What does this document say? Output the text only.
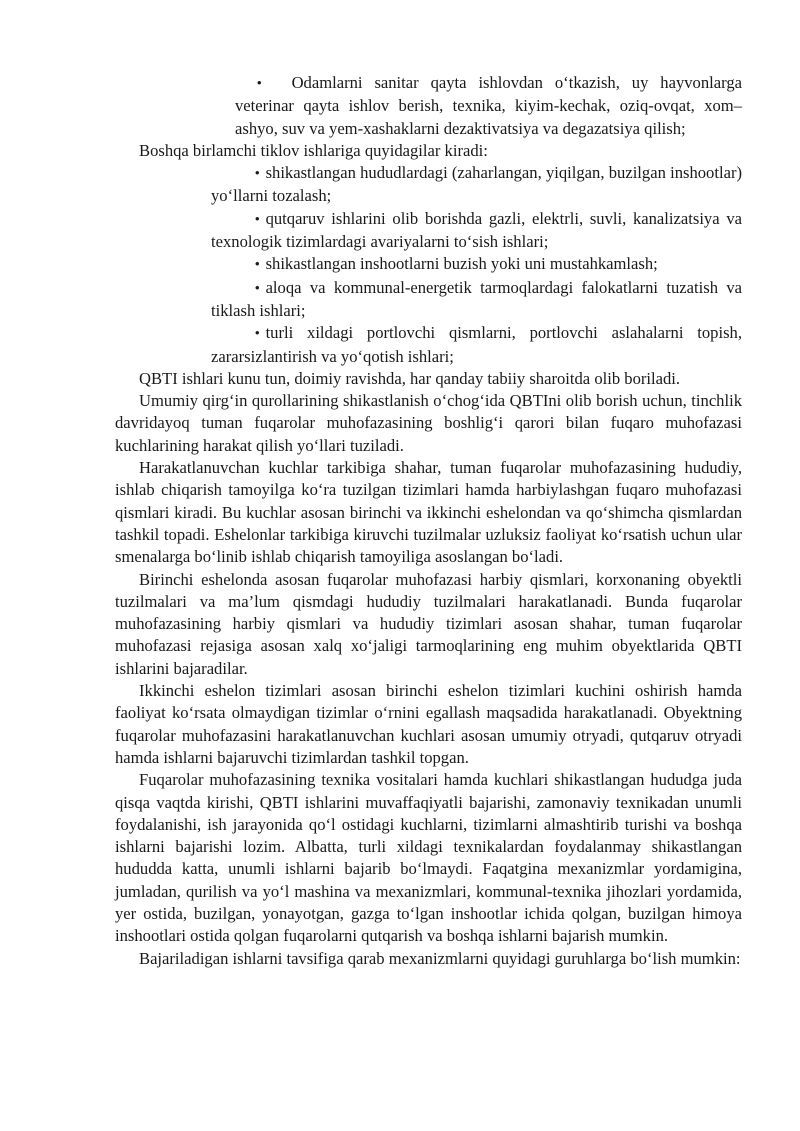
• Odamlarni sanitar qayta ishlovdan o‘tkazish, uy hayvonlarga veterinar qayta ishlov berish, texnika, kiyim-kechak, oziq-ovqat, xom–ashyo, suv va yem-xashaklarni dezaktivatsiya va degazatsiya qilish;

Boshqa birlamchi tiklov ishlariga quyidagilar kiradi:

• shikastlangan hududlardagi (zaharlangan, yiqilgan, buzilgan inshootlar) yo‘llarni tozalash;

• qutqaruv ishlarini olib borishda gazli, elektrli, suvli, kanalizatsiya va texnologik tizimlardagi avariyalarni to‘sish ishlari;

• shikastlangan inshootlarni buzish yoki uni mustahkamlash;

• aloqa va kommunal-energetik tarmoqlardagi falokatlarni tuzatish va tiklash ishlari;

• turli xildagi portlovchi qismlarni, portlovchi aslahalarni topish, zararsizlantirish va yo‘qotish ishlari;

QBTI ishlari kunu tun, doimiy ravishda, har qanday tabiiy sharoitda olib boriladi.

Umumiy qirg‘in qurollarining shikastlanish o‘chog‘ida QBTIni olib borish uchun, tinchlik davridayoq tuman fuqarolar muhofazasining boshlig‘i qarori bilan fuqaro muhofazasi kuchlarining harakat qilish yo‘llari tuziladi.

Harakatlanuvchan kuchlar tarkibiga shahar, tuman fuqarolar muhofazasining hududiy, ishlab chiqarish tamoyilga ko‘ra tuzilgan tizimlari hamda harbiylashgan fuqaro muhofazasi qismlari kiradi. Bu kuchlar asosan birinchi va ikkinchi eshelondan va qo‘shimcha qismlardan tashkil topadi. Eshelonlar tarkibiga kiruvchi tuzilmalar uzluksiz faoliyat ko‘rsatish uchun ular smenalarga bo‘linib ishlab chiqarish tamoyiliga asoslangan bo‘ladi.

Birinchi eshelonda asosan fuqarolar muhofazasi harbiy qismlari, korxonaning obyektli tuzilmalari va ma’lum qismdagi hududiy tuzilmalari harakatlanadi. Bunda fuqarolar muhofazasining harbiy qismlari va hududiy tizimlari asosan shahar, tuman fuqarolar muhofazasi rejasiga asosan xalq xo‘jaligi tarmoqlarining eng muhim obyektlarida QBTI ishlarini bajaradilar.

Ikkinchi eshelon tizimlari asosan birinchi eshelon tizimlari kuchini oshirish hamda faoliyat ko‘rsata olmaydigan tizimlar o‘rnini egallash maqsadida harakatlanadi. Obyektning fuqarolar muhofazasini harakatlanuvchan kuchlari asosan umumiy otryadi, qutqaruv otryadi hamda ishlarni bajaruvchi tizimlardan tashkil topgan.

Fuqarolar muhofazasining texnika vositalari hamda kuchlari shikastlangan hududga juda qisqa vaqtda kirishi, QBTI ishlarini muvaffaqiyatli bajarishi, zamonaviy texnikadan unumli foydalanishi, ish jarayonida qo‘l ostidagi kuchlarni, tizimlarni almashtirib turishi va boshqa ishlarni bajarishi lozim. Albatta, turli xildagi texnikalardan foydalanmay shikastlangan hududda katta, unumli ishlarni bajarib bo‘lmaydi. Faqatgina mexanizmlar yordamigina, jumladan, qurilish va yo‘l mashina va mexanizmlari, kommunal-texnika jihozlari yordamida, yer ostida, buzilgan, yonayotgan, gazga to‘lgan inshootlar ichida qolgan, buzilgan himoya inshootlari ostida qolgan fuqarolarni qutqarish va boshqa ishlarni bajarish mumkin.

Bajariladigan ishlarni tavsifiga qarab mexanizmlarni quyidagi guruhlarga bo‘lish mumkin:
